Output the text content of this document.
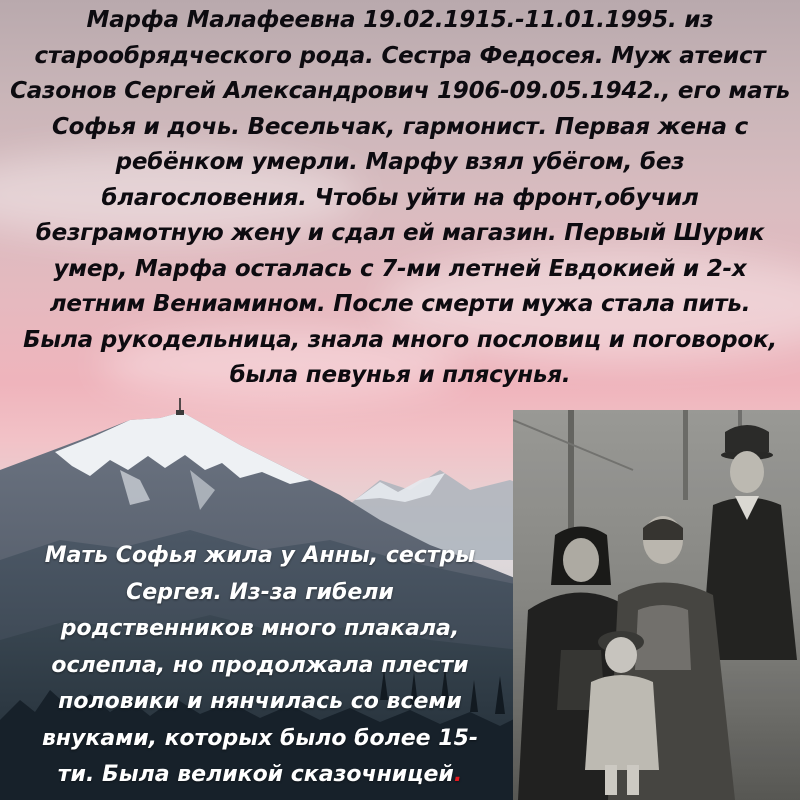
Марфа Малафеевна 19.02.1915.-11.01.1995. из
старообрядческого рода. Сестра Федосея. Муж атеист
Сазонов Сергей Александрович 1906-09.05.1942., его мать
Софья и дочь. Весельчак, гармонист. Первая жена с
ребёнком умерли. Марфу взял убёгом, без
благословения. Чтобы уйти на фронт,обучил
безграмотную жену и сдал ей магазин. Первый Шурик
умер, Марфа осталась с 7-ми летней Евдокией и 2-х
летним Вениамином. После смерти мужа стала пить.
Была рукодельница, знала много пословиц и поговорок,
была певунья и плясунья.
Мать Софья жила у Анны, сестры
Сергея. Из-за гибели
родственников много плакала,
ослепла, но продолжала плести
половики и нянчилась со всеми
внуками, которых было более 15-
ти. Была великой сказочницей.
